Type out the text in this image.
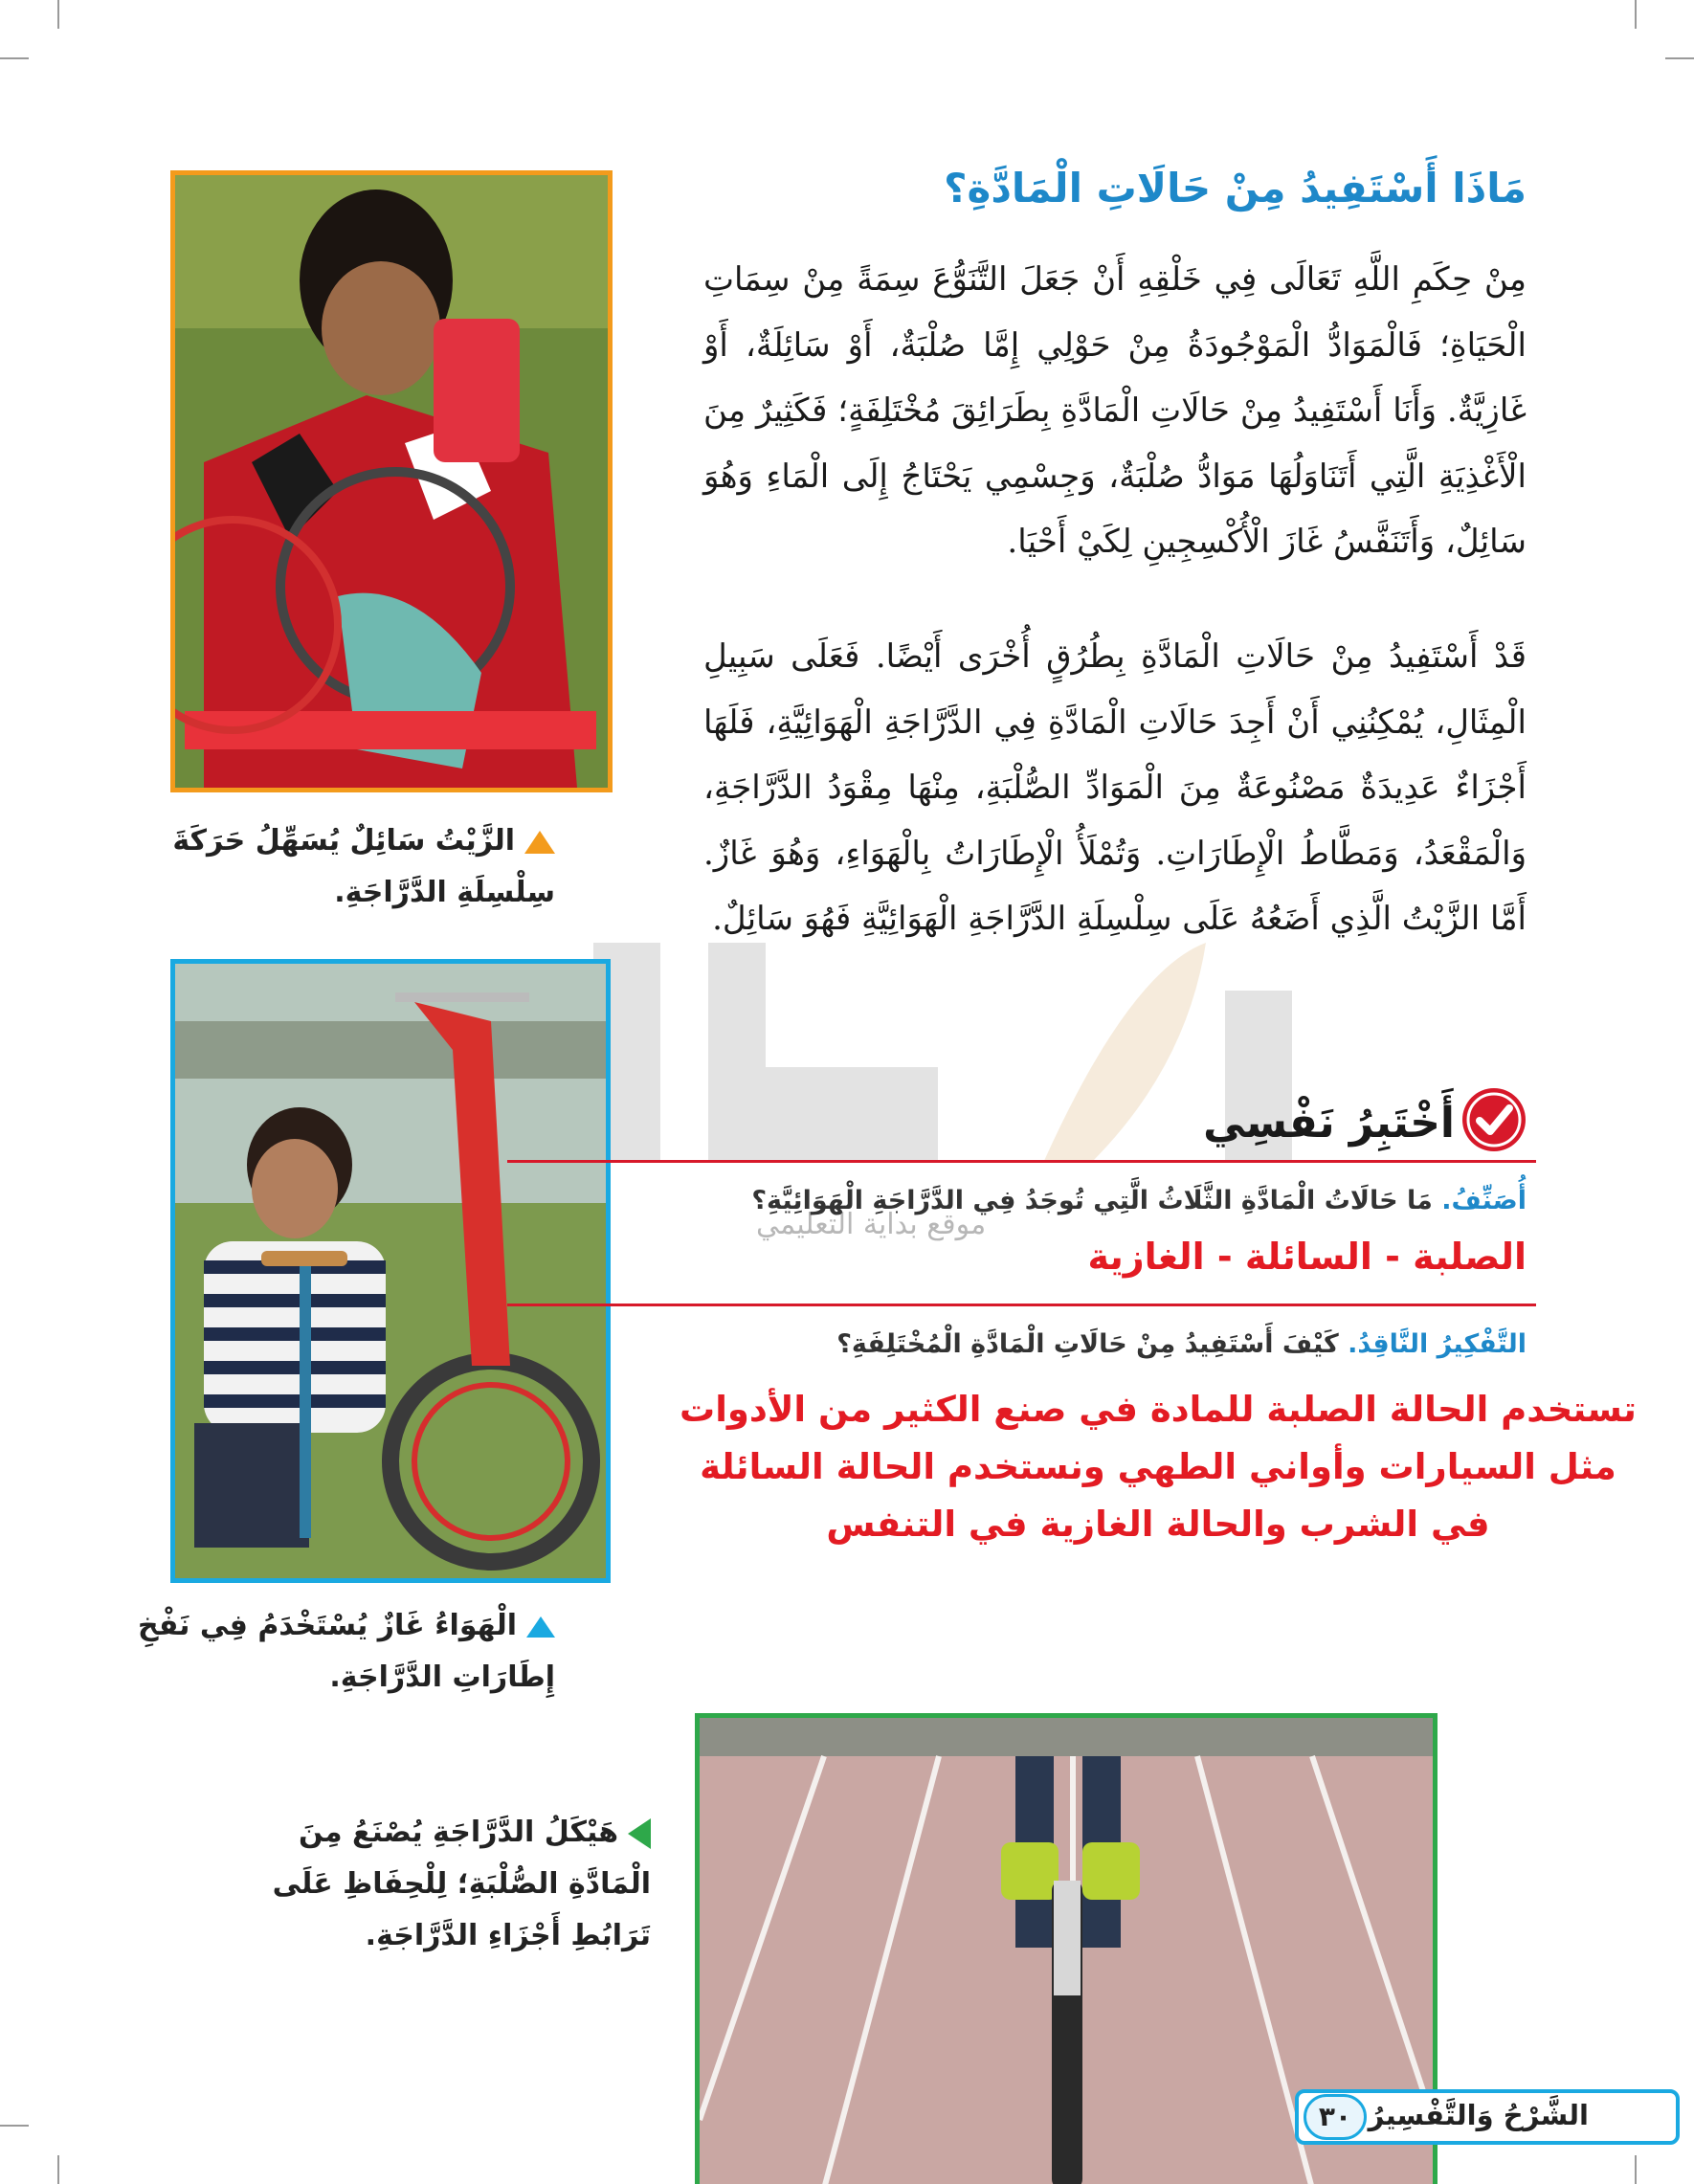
موقع بداية التعليمي

مَاذَا أَسْتَفِيدُ مِنْ حَالَاتِ الْمَادَّةِ؟

مِنْ حِكَمِ اللَّهِ تَعَالَى فِي خَلْقِهِ أَنْ جَعَلَ التَّنَوُّعَ سِمَةً مِنْ سِمَاتِ الْحَيَاةِ؛ فَالْمَوَادُّ الْمَوْجُودَةُ مِنْ حَوْلِي إِمَّا صُلْبَةٌ، أَوْ سَائِلَةٌ، أَوْ غَازِيَّةٌ. وَأَنَا أَسْتَفِيدُ مِنْ حَالَاتِ الْمَادَّةِ بِطَرَائِقَ مُخْتَلِفَةٍ؛ فَكَثِيرٌ مِنَ الْأَغْذِيَةِ الَّتِي أَتَنَاوَلُهَا مَوَادُّ صُلْبَةٌ، وَجِسْمِي يَحْتَاجُ إِلَى الْمَاءِ وَهُوَ سَائِلٌ، وَأَتَنَفَّسُ غَازَ الْأُكْسِجِينِ لِكَيْ أَحْيَا.

قَدْ أَسْتَفِيدُ مِنْ حَالَاتِ الْمَادَّةِ بِطُرُقٍ أُخْرَى أَيْضًا. فَعَلَى سَبِيلِ الْمِثَالِ، يُمْكِنُنِي أَنْ أَجِدَ حَالَاتِ الْمَادَّةِ فِي الدَّرَّاجَةِ الْهَوَائِيَّةِ، فَلَهَا أَجْزَاءٌ عَدِيدَةٌ مَصْنُوعَةٌ مِنَ الْمَوَادِّ الصُّلْبَةِ، مِنْهَا مِقْوَدُ الدَّرَّاجَةِ، وَالْمَقْعَدُ، وَمَطَّاطُ الْإِطَارَاتِ. وَتُمْلَأُ الْإِطَارَاتُ بِالْهَوَاءِ، وَهُوَ غَازٌ. أَمَّا الزَّيْتُ الَّذِي أَضَعُهُ عَلَى سِلْسِلَةِ الدَّرَّاجَةِ الْهَوَائِيَّةِ فَهُوَ سَائِلٌ.

الزَّيْتُ سَائِلٌ يُسَهِّلُ حَرَكَةَ سِلْسِلَةِ الدَّرَّاجَةِ.

الْهَوَاءُ غَازٌ يُسْتَخْدَمُ فِي نَفْخِ إِطَارَاتِ الدَّرَّاجَةِ.

هَيْكَلُ الدَّرَّاجَةِ يُصْنَعُ مِنَ الْمَادَّةِ الصُّلْبَةِ؛ لِلْحِفَاظِ عَلَى تَرَابُطِ أَجْزَاءِ الدَّرَّاجَةِ.

أَخْتَبِرُ نَفْسِي

أُصَنِّفُ. مَا حَالَاتُ الْمَادَّةِ الثَّلَاثُ الَّتِي تُوجَدُ فِي الدَّرَّاجَةِ الْهَوَائِيَّةِ؟ الصلبة - السائلة - الغازية

التَّفْكِيرُ النَّاقِدُ. كَيْفَ أَسْتَفِيدُ مِنْ حَالَاتِ الْمَادَّةِ الْمُخْتَلِفَةِ؟

تستخدم الحالة الصلبة للمادة في صنع الكثير من الأدوات مثل السيارات وأواني الطهي ونستخدم الحالة السائلة في الشرب والحالة الغازية في التنفس

٣٠ الشَّرْحُ وَالتَّفْسِيرُ
